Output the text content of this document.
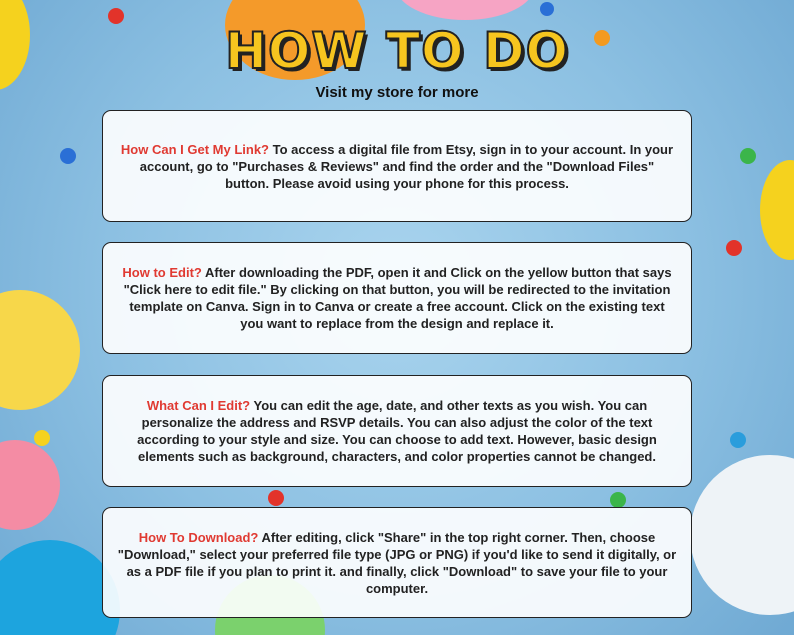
HOW TO DO
Visit my store for more

How Can I Get My Link? To access a digital file from Etsy, sign in to your account. In your account, go to "Purchases & Reviews" and find the order and the "Download Files" button. Please avoid using your phone for this process.

How to Edit? After downloading the PDF, open it and Click on the yellow button that says "Click here to edit file." By clicking on that button, you will be redirected to the invitation template on Canva. Sign in to Canva or create a free account. Click on the existing text you want to replace from the design and replace it.

What Can I Edit? You can edit the age, date, and other texts as you wish. You can personalize the address and RSVP details. You can also adjust the color of the text according to your style and size. You can choose to add text. However, basic design elements such as background, characters, and color properties cannot be changed.

How To Download? After editing, click "Share" in the top right corner. Then, choose "Download," select your preferred file type (JPG or PNG) if you'd like to send it digitally, or as a PDF file if you plan to print it. and finally, click "Download" to save your file to your computer.
